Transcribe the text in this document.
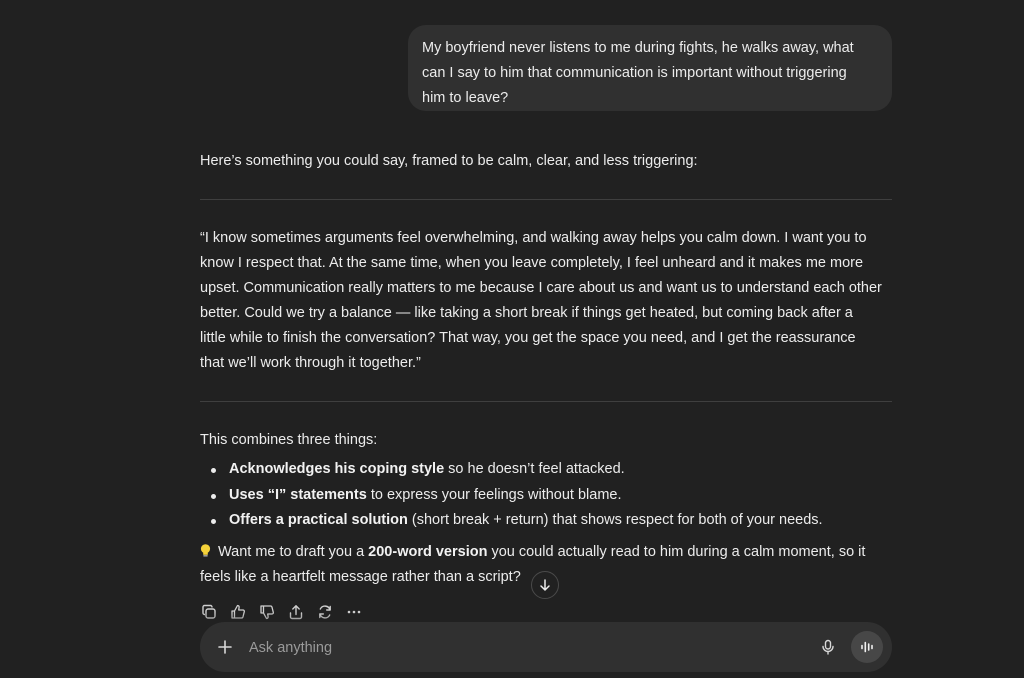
My boyfriend never listens to me during fights, he walks away, what
can I say to him that communication is important without triggering
him to leave?
Here’s something you could say, framed to be calm, clear, and less triggering:
“I know sometimes arguments feel overwhelming, and walking away helps you calm down. I want you to
know I respect that. At the same time, when you leave completely, I feel unheard and it makes me more
upset. Communication really matters to me because I care about us and want us to understand each other
better. Could we try a balance — like taking a short break if things get heated, but coming back after a
little while to finish the conversation? That way, you get the space you need, and I get the reassurance
that we’ll work through it together.”
This combines three things:
Acknowledges his coping style so he doesn’t feel attacked.
Uses “I” statements to express your feelings without blame.
Offers a practical solution (short break + return) that shows respect for both of your needs.
Want me to draft you a 200-word version you could actually read to him during a calm moment, so it
feels like a heartfelt message rather than a script?
Ask anything
